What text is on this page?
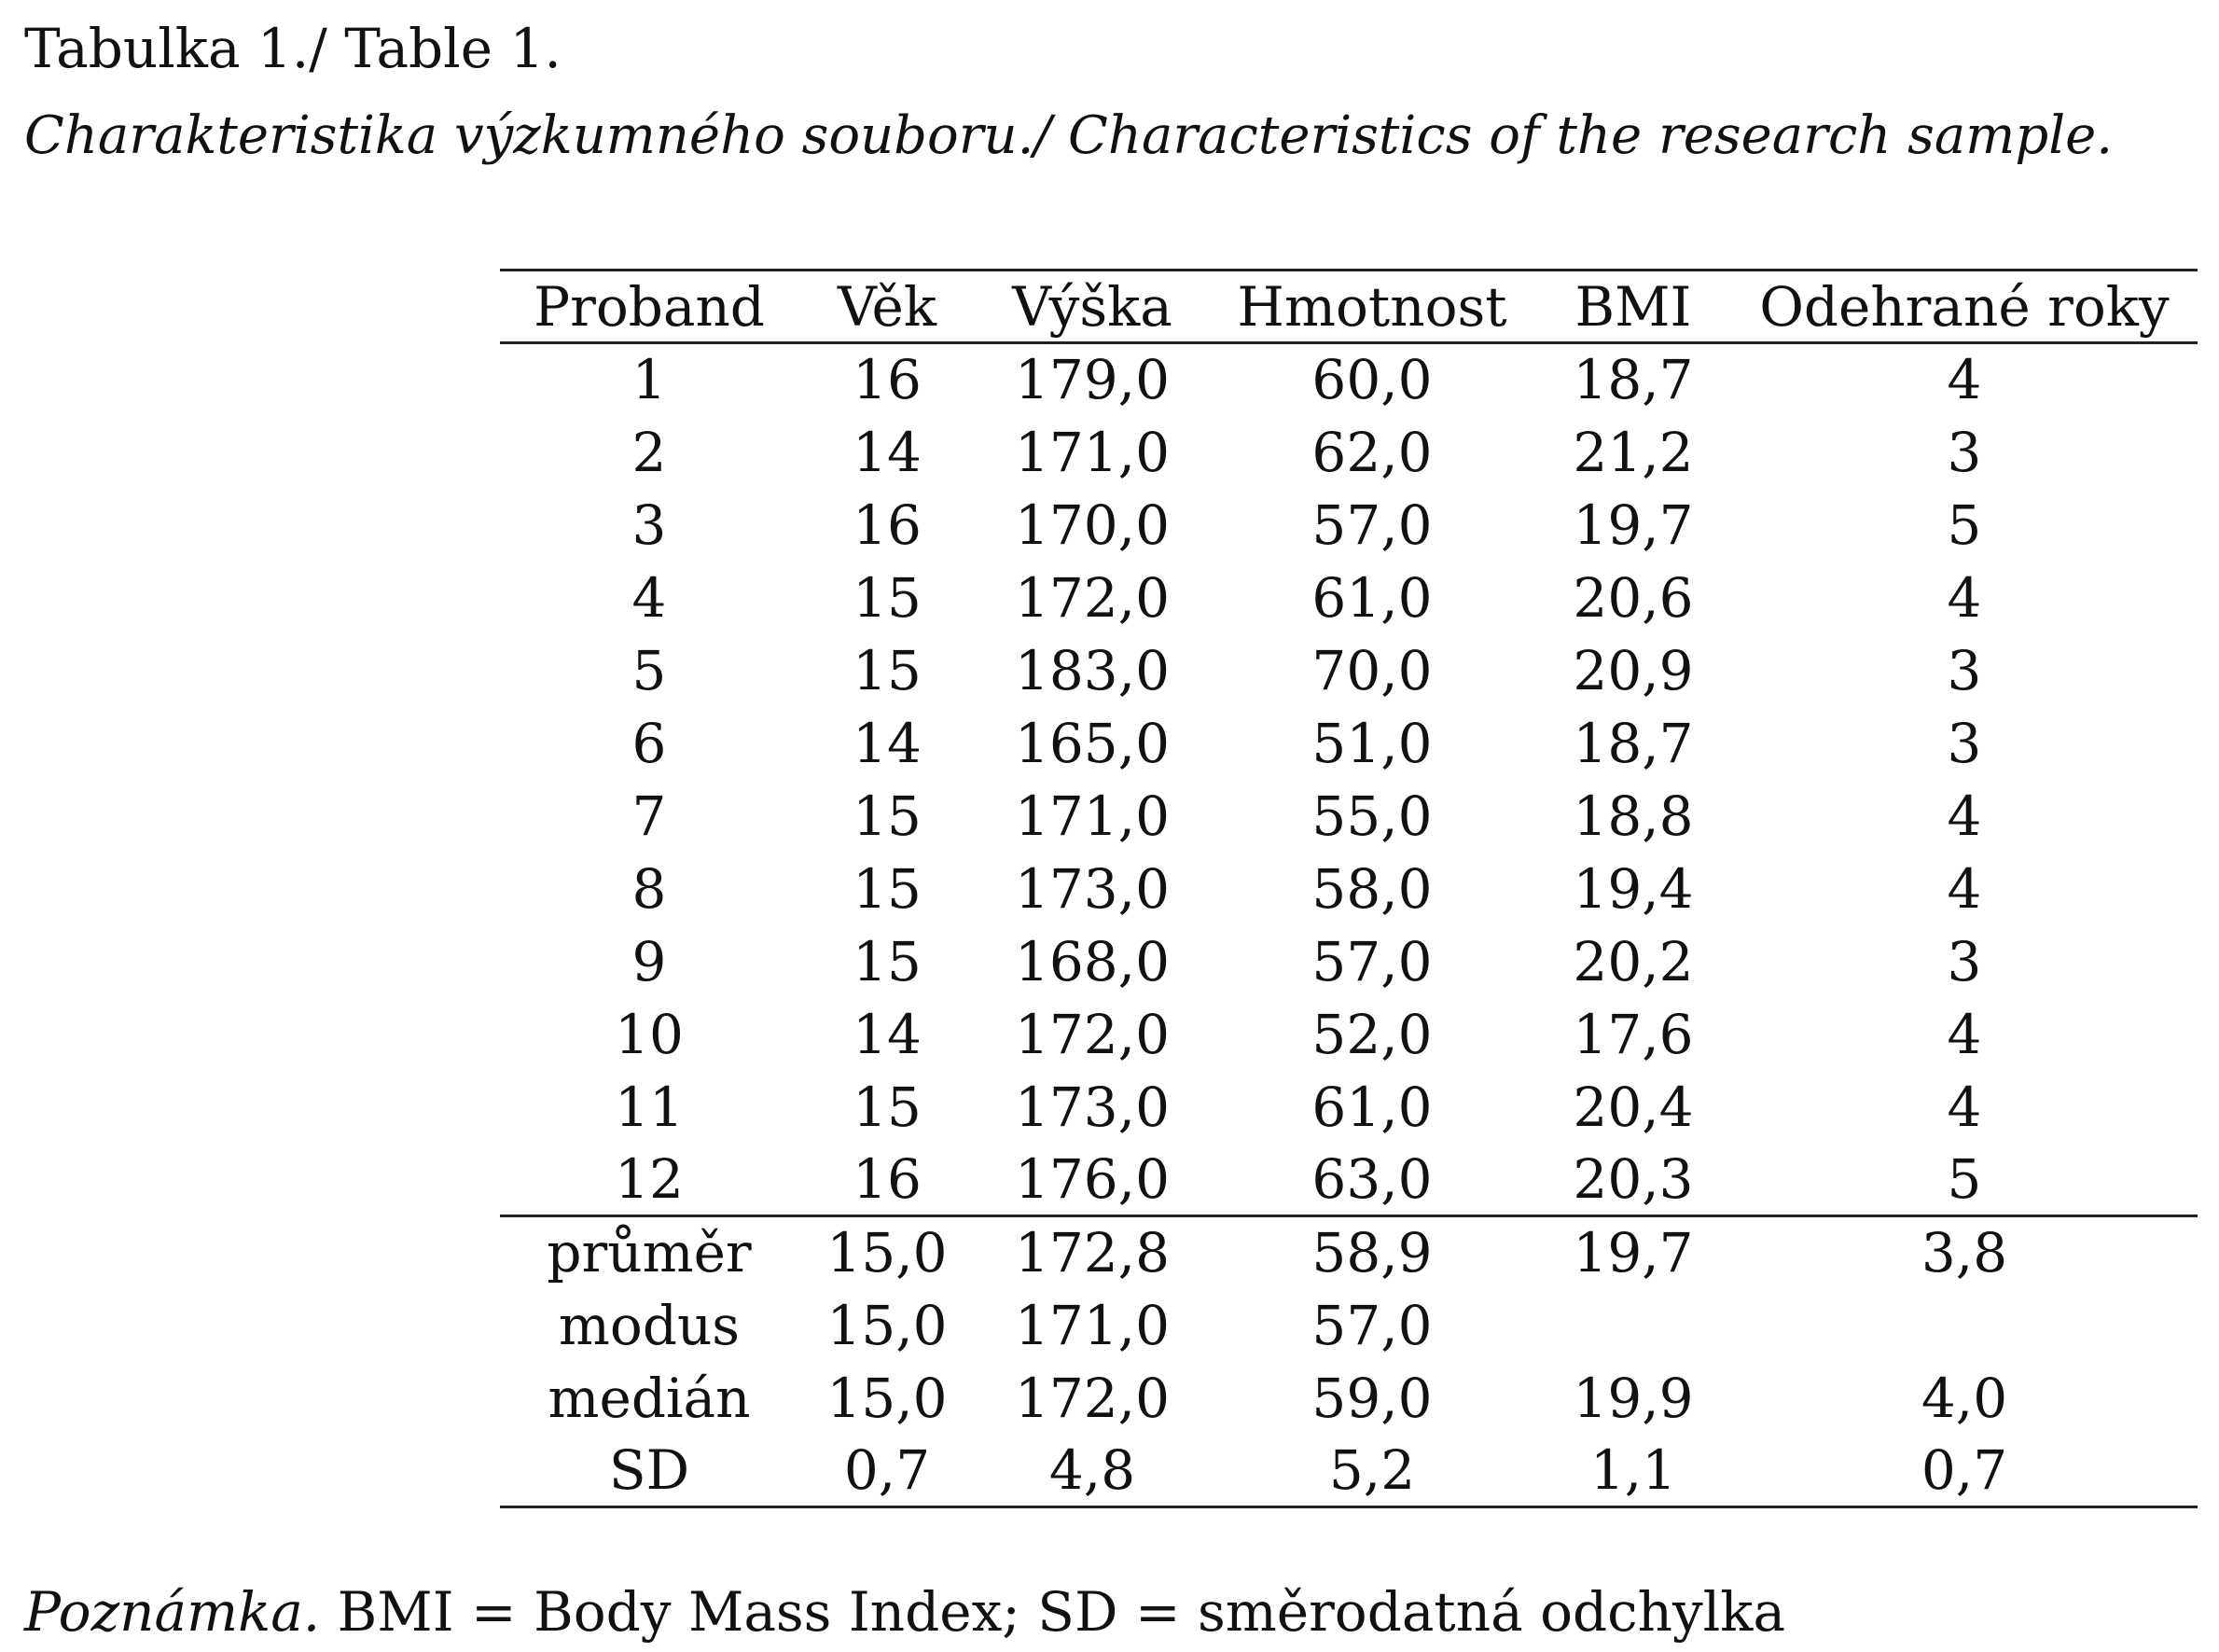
Tabulka 1./ Table 1.
Charakteristika výzkumného souboru./ Characteristics of the research sample.
Proband	Věk	Výška	Hmotnost	BMI	Odehrané roky
1	16	179,0	60,0	18,7	4
2	14	171,0	62,0	21,2	3
3	16	170,0	57,0	19,7	5
4	15	172,0	61,0	20,6	4
5	15	183,0	70,0	20,9	3
6	14	165,0	51,0	18,7	3
7	15	171,0	55,0	18,8	4
8	15	173,0	58,0	19,4	4
9	15	168,0	57,0	20,2	3
10	14	172,0	52,0	17,6	4
11	15	173,0	61,0	20,4	4
12	16	176,0	63,0	20,3	5
průměr	15,0	172,8	58,9	19,7	3,8
modus	15,0	171,0	57,0		
medián	15,0	172,0	59,0	19,9	4,0
SD	0,7	4,8	5,2	1,1	0,7
Poznámka. BMI = Body Mass Index; SD = směrodatná odchylka
